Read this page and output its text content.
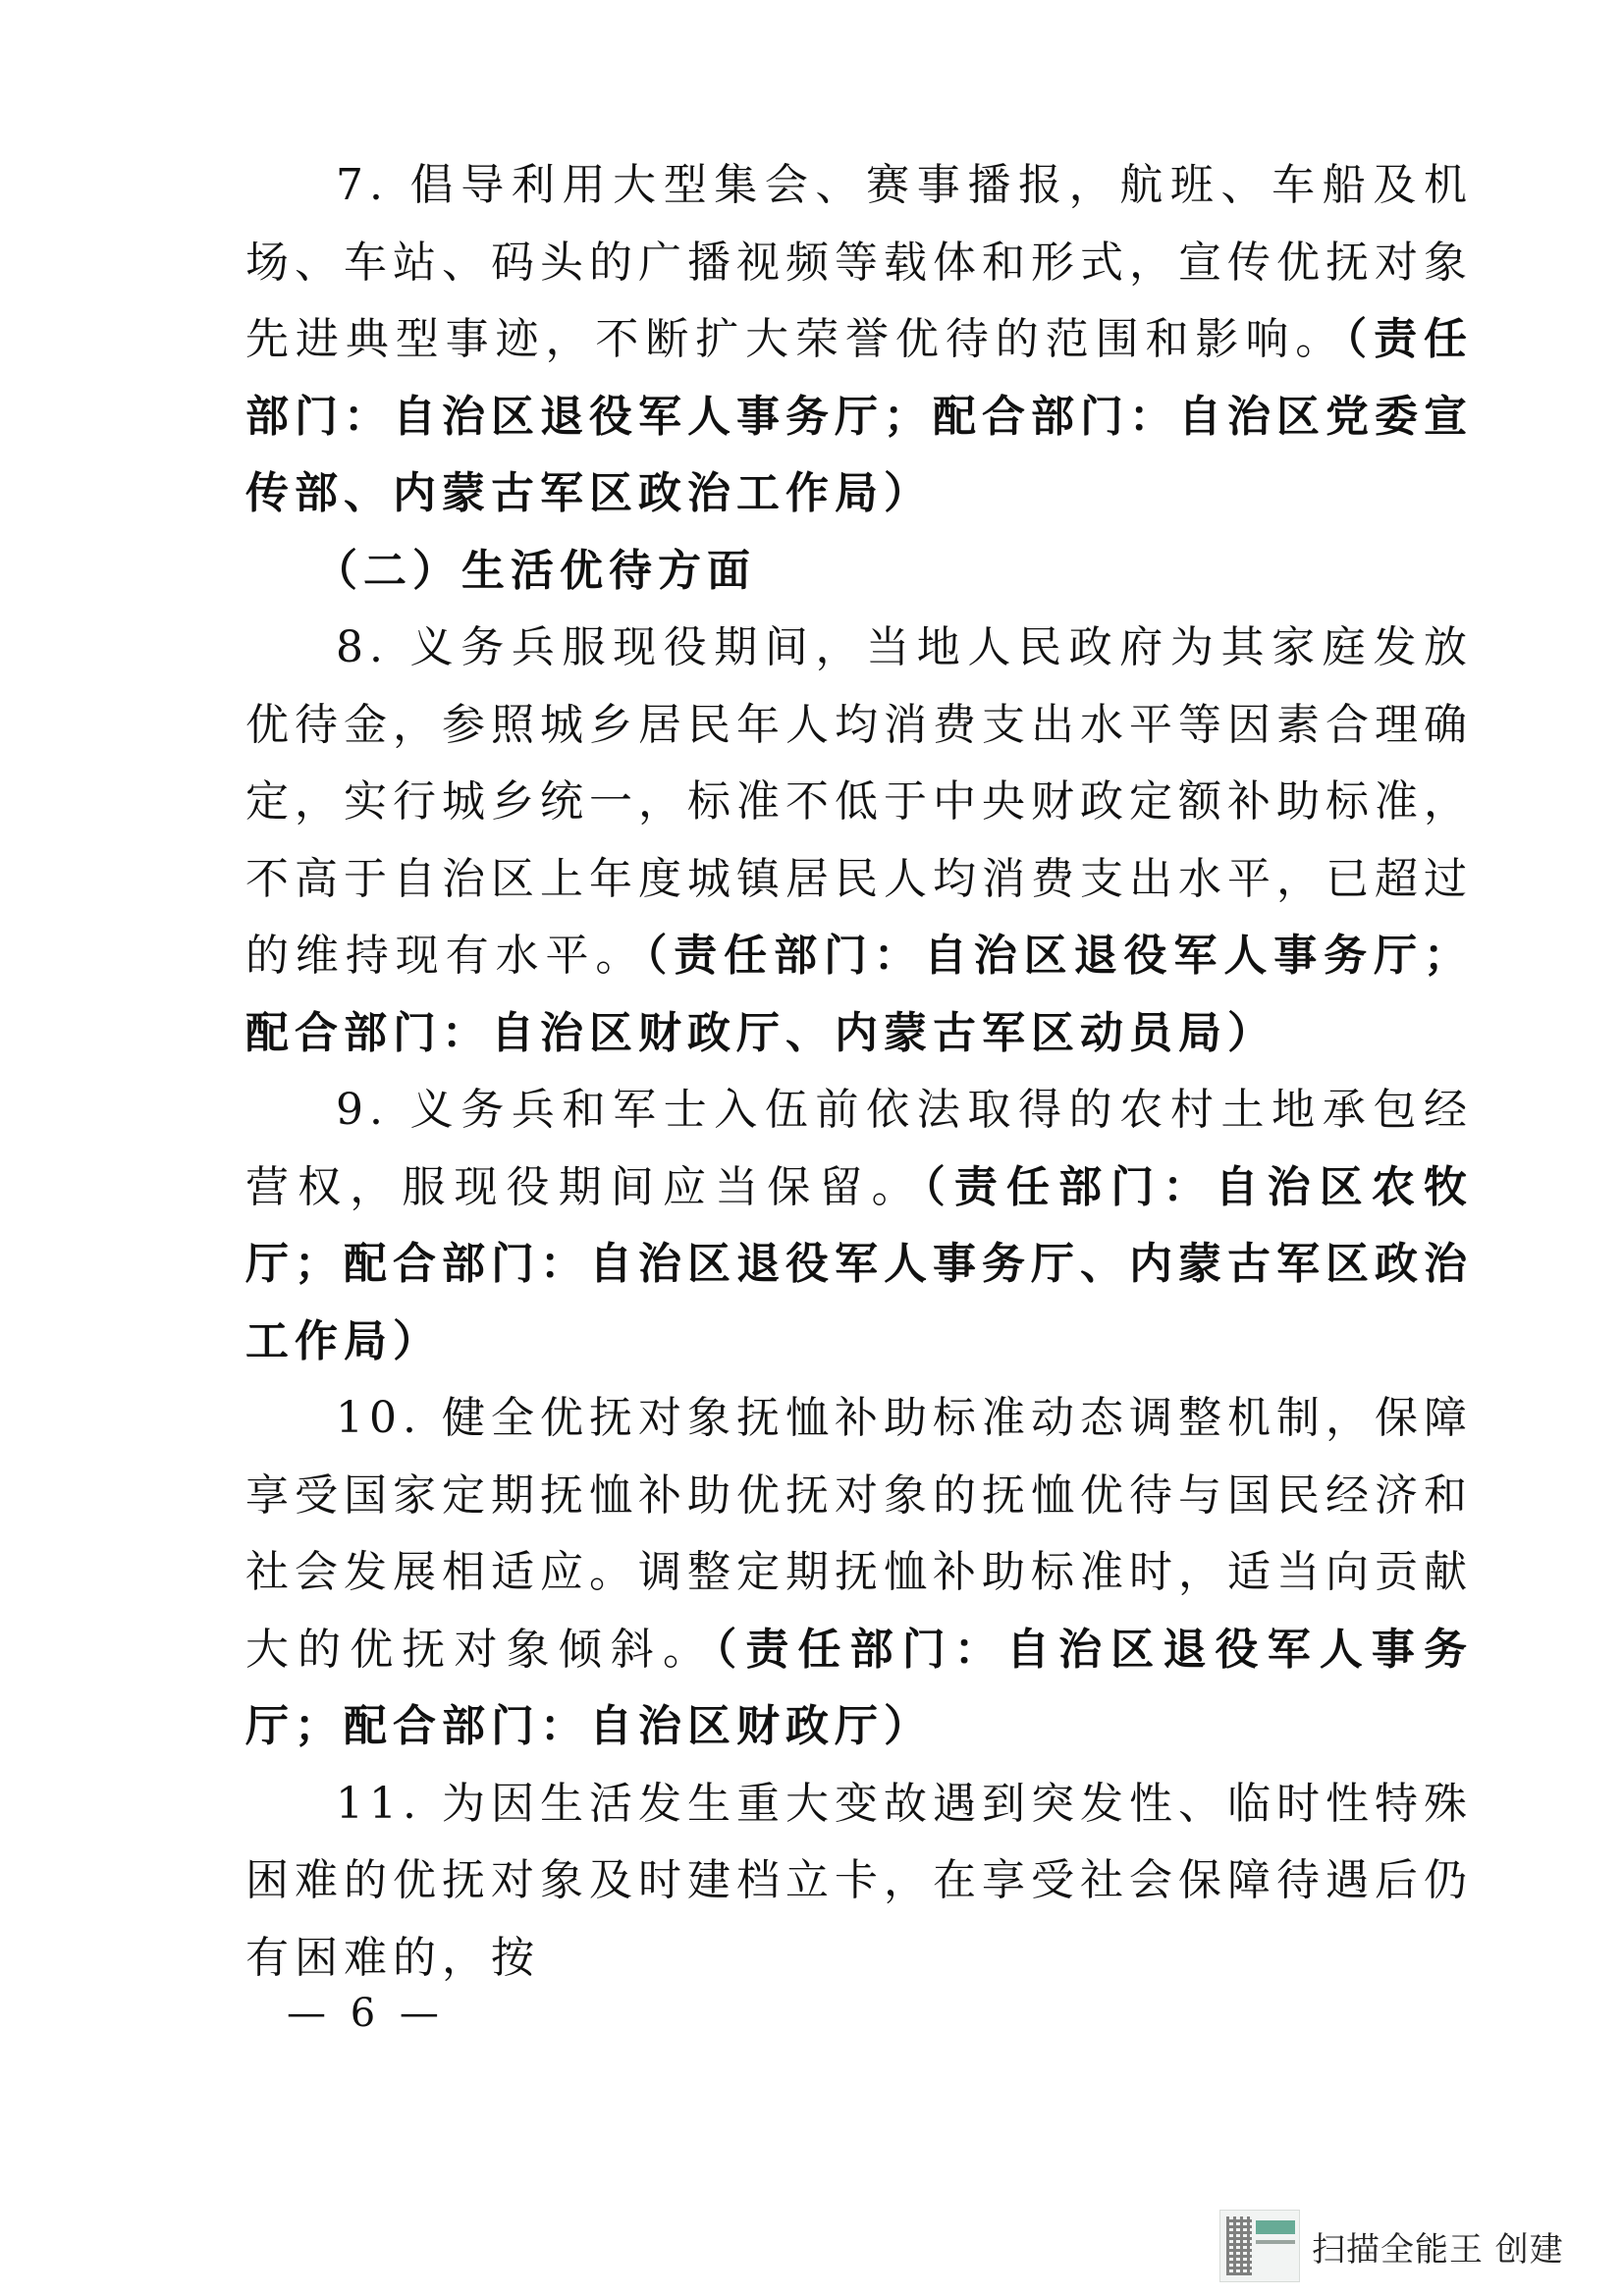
7. 倡导利用大型集会、赛事播报，航班、车船及机场、车站、码头的广播视频等载体和形式，宣传优抚对象先进典型事迹，不断扩大荣誉优待的范围和影响。（责任部门：自治区退役军人事务厅；配合部门：自治区党委宣传部、内蒙古军区政治工作局）

（二）生活优待方面

8. 义务兵服现役期间，当地人民政府为其家庭发放优待金，参照城乡居民年人均消费支出水平等因素合理确定，实行城乡统一，标准不低于中央财政定额补助标准，不高于自治区上年度城镇居民人均消费支出水平，已超过的维持现有水平。（责任部门：自治区退役军人事务厅；配合部门：自治区财政厅、内蒙古军区动员局）

9. 义务兵和军士入伍前依法取得的农村土地承包经营权，服现役期间应当保留。（责任部门：自治区农牧厅；配合部门：自治区退役军人事务厅、内蒙古军区政治工作局）

10. 健全优抚对象抚恤补助标准动态调整机制，保障享受国家定期抚恤补助优抚对象的抚恤优待与国民经济和社会发展相适应。调整定期抚恤补助标准时，适当向贡献大的优抚对象倾斜。（责任部门：自治区退役军人事务厅；配合部门：自治区财政厅）

11. 为因生活发生重大变故遇到突发性、临时性特殊困难的优抚对象及时建档立卡，在享受社会保障待遇后仍有困难的，按

— 6 —
扫描全能王 创建
